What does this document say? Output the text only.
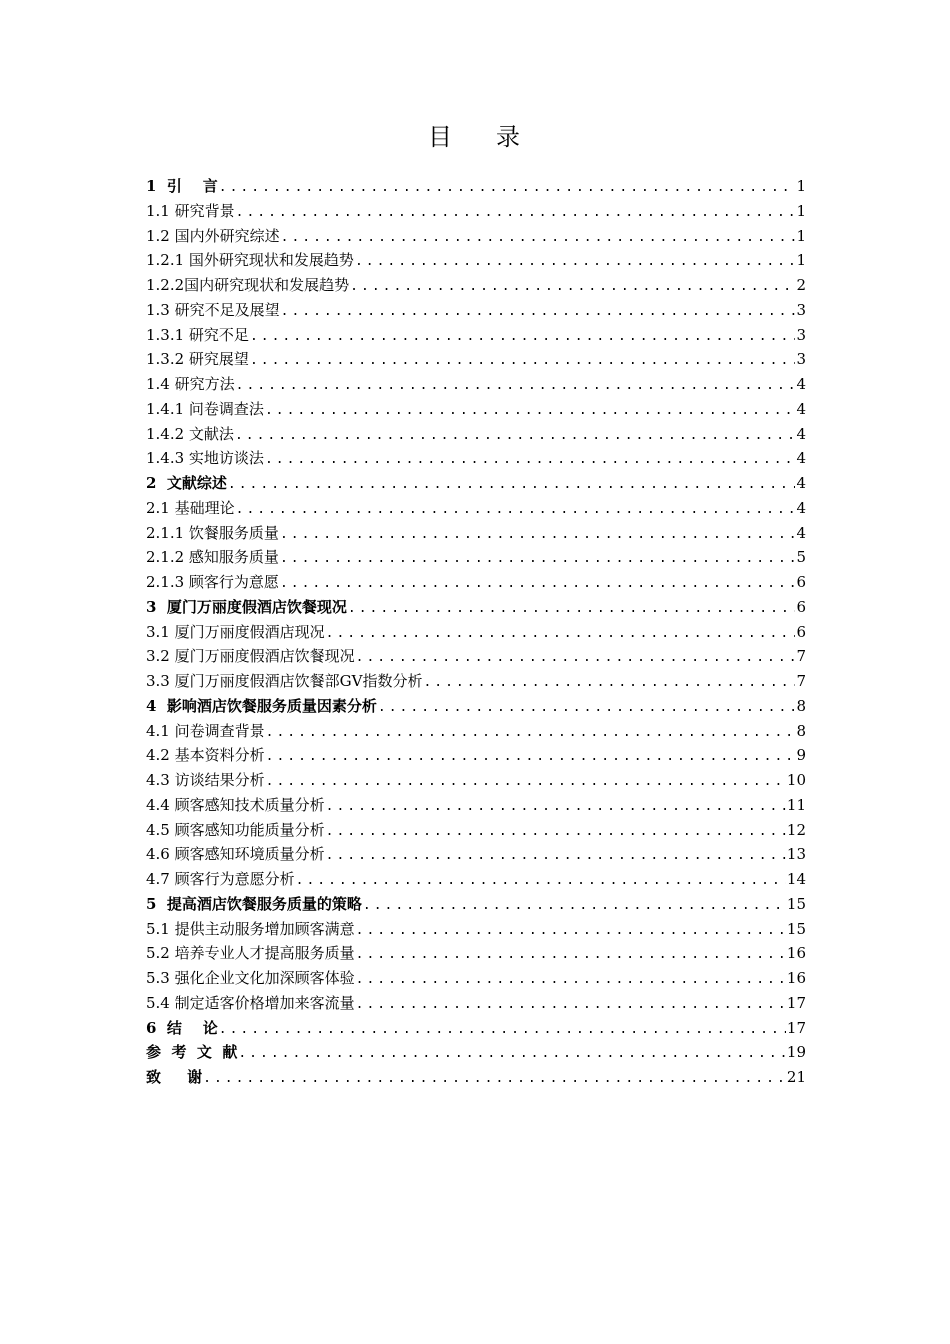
目 录
1  引    言 .....	1
1.1 研究背景 .....	1
1.2 国内外研究综述 .....	1
1.2.1 国外研究现状和发展趋势 .....	1
1.2.2国内研究现状和发展趋势 .....	2
1.3 研究不足及展望 .....	3
1.3.1 研究不足 .....	3
1.3.2 研究展望 .....	3
1.4 研究方法 .....	4
1.4.1 问卷调查法 .....	4
1.4.2 文献法 .....	4
1.4.3 实地访谈法 .....	4
2  文献综述 .....	4
2.1 基础理论 .....	4
2.1.1 饮餐服务质量 .....	4
2.1.2 感知服务质量 .....	5
2.1.3 顾客行为意愿 .....	6
3  厦门万丽度假酒店饮餐现况 .....	6
3.1 厦门万丽度假酒店现况 .....	6
3.2 厦门万丽度假酒店饮餐现况 .....	7
3.3 厦门万丽度假酒店饮餐部GV指数分析 .....	7
4  影响酒店饮餐服务质量因素分析 .....	8
4.1 问卷调查背景 .....	8
4.2 基本资料分析 .....	9
4.3 访谈结果分析 .....	10
4.4 顾客感知技术质量分析 .....	11
4.5 顾客感知功能质量分析 .....	12
4.6 顾客感知环境质量分析 .....	13
4.7 顾客行为意愿分析 .....	14
5  提高酒店饮餐服务质量的策略 .....	15
5.1 提供主动服务增加顾客满意 .....	15
5.2 培养专业人才提高服务质量 .....	16
5.3 强化企业文化加深顾客体验 .....	16
5.4 制定适客价格增加来客流量 .....	17
6  结    论 .....	17
参  考  文  献 .....	19
致     谢 .....	21
